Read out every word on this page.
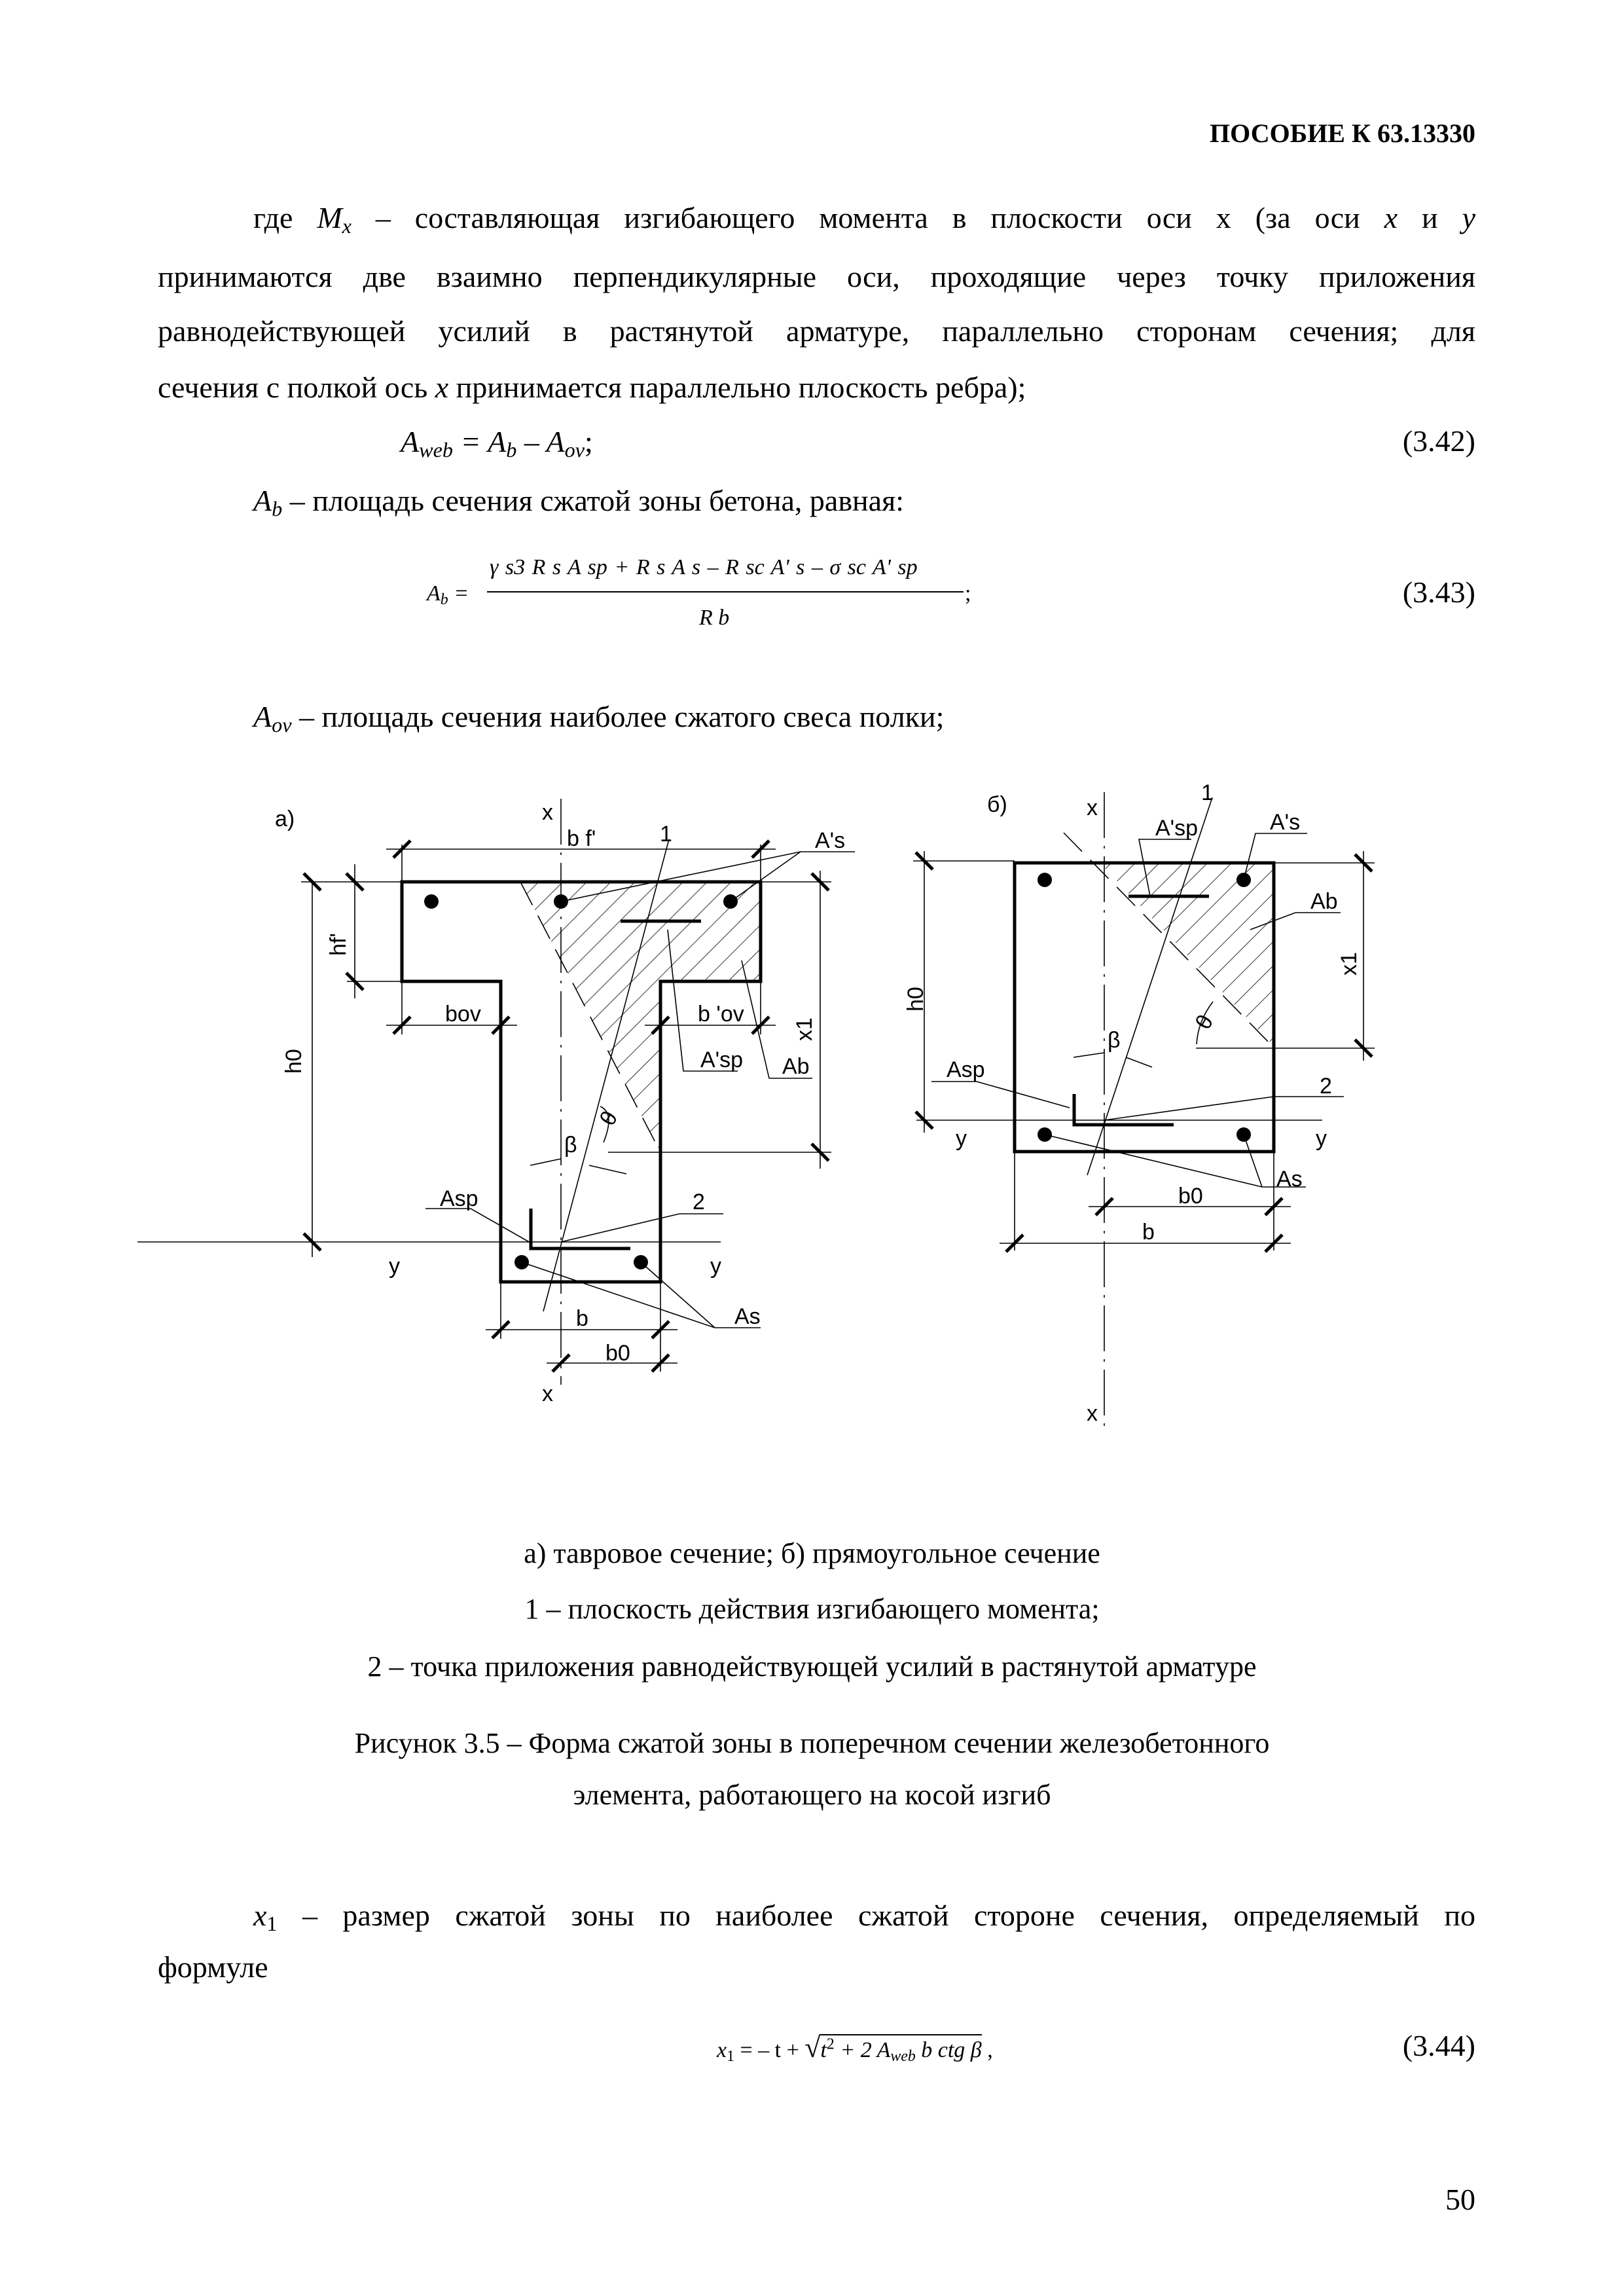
ПОСОБИЕ К 63.13330
где $M_x$ – составляющая изгибающего момента в плоскости оси x (за оси x и y
принимаются две взаимно перпендикулярные оси, проходящие через точку приложения
равнодействующей усилий в растянутой арматуре, параллельно сторонам сечения; для
сечения с полкой ось x принимается параллельно плоскость ребра);
$A_{web} = A_b - A_{ov}$;	(3.42)
$A_b$ – площадь сечения сжатой зоны бетона, равная:
$A_b$ =
γ s3 R s A sp + R s A s – R sc A' s – σ sc A' sp
R b
;	(3.43)
$A_{ov}$ – площадь сечения наиболее сжатого свеса полки;
а)	x
x
y	y
b f'	1	A's
hf'
h0
x1
bov	b 'ov
A'sp Ab
β
θ
Asp	2
As
b
b0
б)	x
x
y	y
1
A'sp	A's
Ab
h0
x1
β
θ
Asp
2
As
b0
b
а) тавровое сечение; б) прямоугольное сечение
1 – плоскость действия изгибающего момента;
2 – точка приложения равнодействующей усилий в растянутой арматуре
Рисунок 3.5 – Форма сжатой зоны в поперечном сечении железобетонного
элемента, работающего на косой изгиб
$x_1$ – размер сжатой зоны по наиболее сжатой стороне сечения, определяемый по
формуле
$x_1$ = – $t + √t^2 + 2$ $A_{web}$ b ctg β ,	(3.44)
50
